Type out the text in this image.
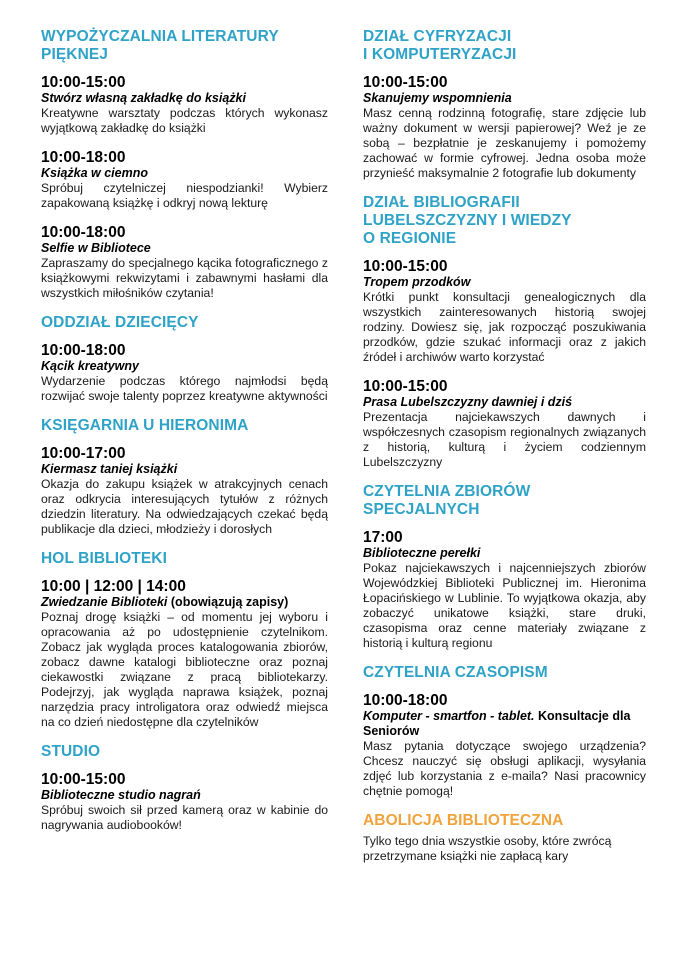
WYPOŻYCZALNIA LITERATURY
PIĘKNEJ
10:00-15:00
Stwórz własną zakładkę do książki
Kreatywne warsztaty podczas których wykonasz wyjątkową zakładkę do książki
10:00-18:00
Książka w ciemno
Spróbuj czytelniczej niespodzianki! Wybierz zapakowaną książkę i odkryj nową lekturę
10:00-18:00
Selfie w Bibliotece
Zapraszamy do specjalnego kącika fotograficznego z książkowymi rekwizytami i zabawnymi hasłami dla wszystkich miłośników czytania!
ODDZIAŁ DZIECIĘCY
10:00-18:00
Kącik kreatywny
Wydarzenie podczas którego najmłodsi będą rozwijać swoje talenty poprzez kreatywne aktywności
KSIĘGARNIA U HIERONIMA
10:00-17:00
Kiermasz taniej książki
Okazja do zakupu książek w atrakcyjnych cenach oraz odkrycia interesujących tytułów z różnych dziedzin literatury. Na odwiedzających czekać będą publikacje dla dzieci, młodzieży i dorosłych
HOL BIBLIOTEKI
10:00 | 12:00 | 14:00
Zwiedzanie Biblioteki (obowiązują zapisy)
Poznaj drogę książki – od momentu jej wyboru i opracowania aż po udostępnienie czytelnikom. Zobacz jak wygląda proces katalogowania zbiorów, zobacz dawne katalogi biblioteczne oraz poznaj ciekawostki związane z pracą bibliotekarzy. Podejrzyj, jak wygląda naprawa książek, poznaj narzędzia pracy introligatora oraz odwiedź miejsca na co dzień niedostępne dla czytelników
STUDIO
10:00-15:00
Biblioteczne studio nagrań
Spróbuj swoich sił przed kamerą oraz w kabinie do nagrywania audiobooków!
DZIAŁ CYFRYZACJI
I KOMPUTERYZACJI
10:00-15:00
Skanujemy wspomnienia
Masz cenną rodzinną fotografię, stare zdjęcie lub ważny dokument w wersji papierowej? Weź je ze sobą – bezpłatnie je zeskanujemy i pomożemy zachować w formie cyfrowej. Jedna osoba może przynieść maksymalnie 2 fotografie lub dokumenty
DZIAŁ BIBLIOGRAFII
LUBELSZCZYZNY I WIEDZY
O REGIONIE
10:00-15:00
Tropem przodków
Krótki punkt konsultacji genealogicznych dla wszystkich zainteresowanych historią swojej rodziny. Dowiesz się, jak rozpocząć poszukiwania przodków, gdzie szukać informacji oraz z jakich źródeł i archiwów warto korzystać
10:00-15:00
Prasa Lubelszczyzny dawniej i dziś
Prezentacja najciekawszych dawnych i współczesnych czasopism regionalnych związanych z historią, kulturą i życiem codziennym Lubelszczyzny
CZYTELNIA ZBIORÓW
SPECJALNYCH
17:00
Biblioteczne perełki
Pokaz najciekawszych i najcenniejszych zbiorów Wojewódzkiej Biblioteki Publicznej im. Hieronima Łopacińskiego w Lublinie. To wyjątkowa okazja, aby zobaczyć unikatowe książki, stare druki, czasopisma oraz cenne materiały związane z historią i kulturą regionu
CZYTELNIA CZASOPISM
10:00-18:00
Komputer - smartfon - tablet. Konsultacje dla Seniorów
Masz pytania dotyczące swojego urządzenia? Chcesz nauczyć się obsługi aplikacji, wysyłania zdjęć lub korzystania z e-maila? Nasi pracownicy chętnie pomogą!
ABOLICJA BIBLIOTECZNA
Tylko tego dnia wszystkie osoby, które zwrócą przetrzymane książki nie zapłacą kary
